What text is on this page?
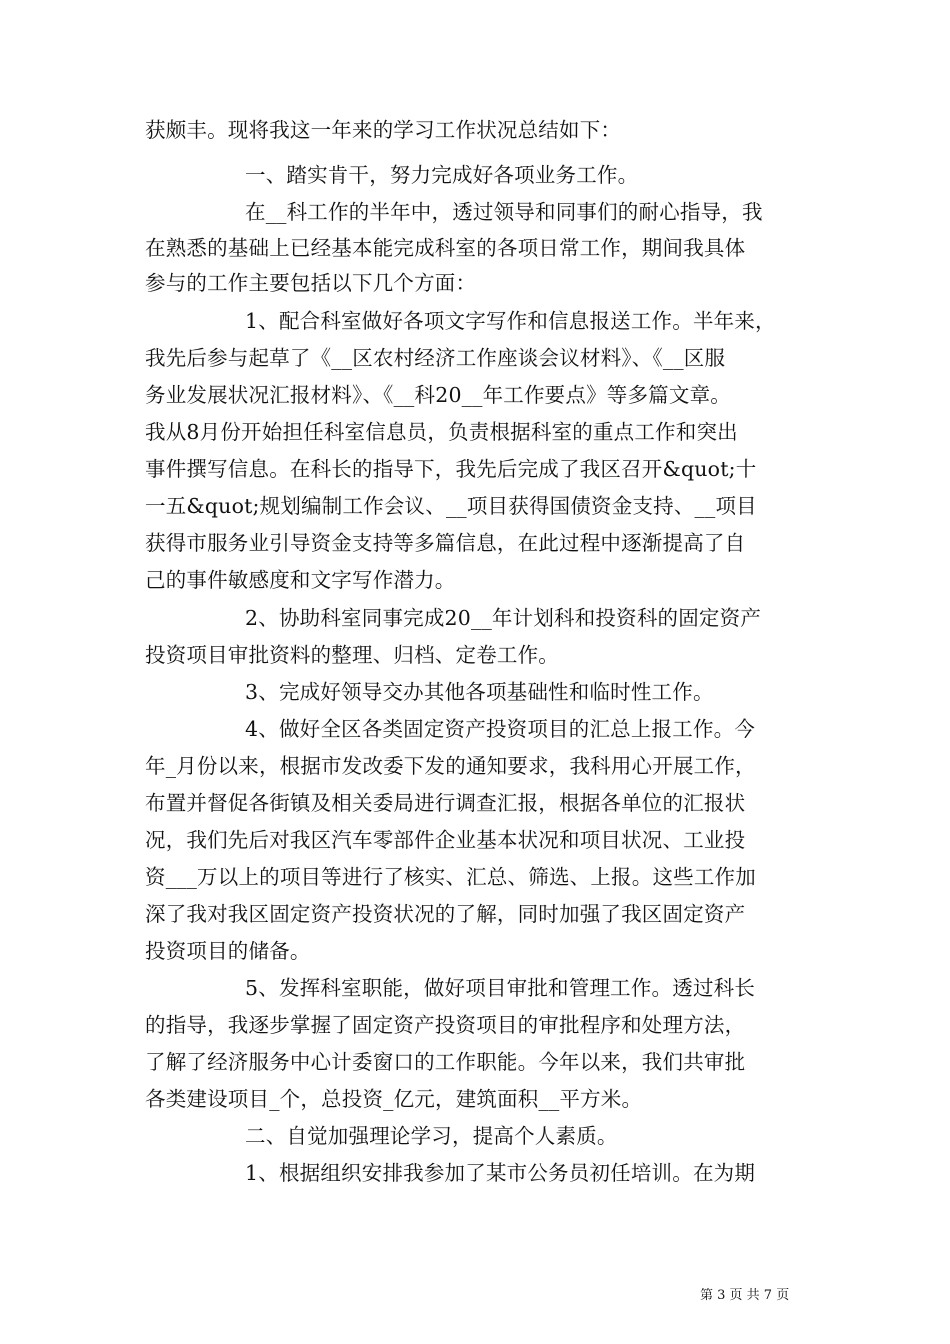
获颇丰。现将我这一年来的学习工作状况总结如下：
一、踏实肯干，努力完成好各项业务工作。
在__科工作的半年中，透过领导和同事们的耐心指导，我
在熟悉的基础上已经基本能完成科室的各项日常工作，期间我具体
参与的工作主要包括以下几个方面：
1、配合科室做好各项文字写作和信息报送工作。半年来，
我先后参与起草了《__区农村经济工作座谈会议材料》、《__区服
务业发展状况汇报材料》、《__科20__年工作要点》等多篇文章。
我从8月份开始担任科室信息员，负责根据科室的重点工作和突出
事件撰写信息。在科长的指导下，我先后完成了我区召开&quot;十
一五&quot;规划编制工作会议、__项目获得国债资金支持、__项目
获得市服务业引导资金支持等多篇信息，在此过程中逐渐提高了自
己的事件敏感度和文字写作潜力。
2、协助科室同事完成20__年计划科和投资科的固定资产
投资项目审批资料的整理、归档、定卷工作。
3、完成好领导交办其他各项基础性和临时性工作。
4、做好全区各类固定资产投资项目的汇总上报工作。今
年_月份以来，根据市发改委下发的通知要求，我科用心开展工作，
布置并督促各街镇及相关委局进行调查汇报，根据各单位的汇报状
况，我们先后对我区汽车零部件企业基本状况和项目状况、工业投
资___万以上的项目等进行了核实、汇总、筛选、上报。这些工作加
深了我对我区固定资产投资状况的了解，同时加强了我区固定资产
投资项目的储备。
5、发挥科室职能，做好项目审批和管理工作。透过科长
的指导，我逐步掌握了固定资产投资项目的审批程序和处理方法，
了解了经济服务中心计委窗口的工作职能。今年以来，我们共审批
各类建设项目_个，总投资_亿元，建筑面积__平方米。
二、自觉加强理论学习，提高个人素质。
1、根据组织安排我参加了某市公务员初任培训。在为期
第 3 页 共 7 页
